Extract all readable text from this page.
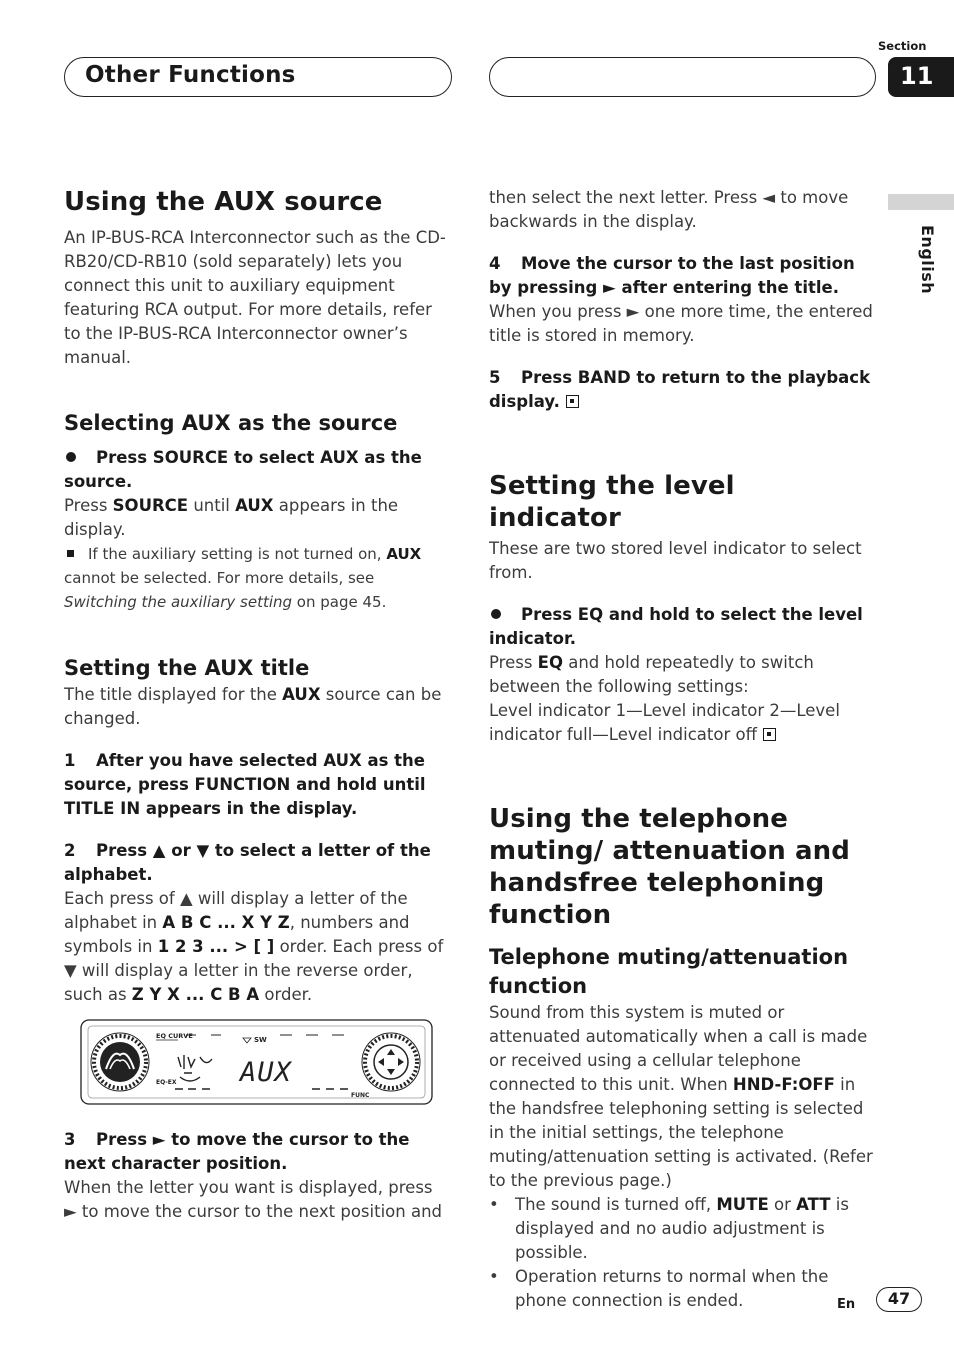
Other Functions
Section
11
English
Using the AUX source

An IP-BUS-RCA Interconnector such as the CD-RB20/CD-RB10 (sold separately) lets you connect this unit to auxiliary equipment featuring RCA output. For more details, refer to the IP-BUS-RCA Interconnector owner’s manual.

Selecting AUX as the source

Press SOURCE to select AUX as the source.

Press SOURCE until AUX appears in the display.

If the auxiliary setting is not turned on, AUX cannot be selected. For more details, see Switching the auxiliary setting on page 45.

Setting the AUX title

The title displayed for the AUX source can be changed.

1 After you have selected AUX as the source, press FUNCTION and hold until TITLE IN appears in the display.

2 Press ▲ or ▼ to select a letter of the alphabet.

Each press of ▲ will display a letter of the alphabet in A B C ... X Y Z, numbers and symbols in 1 2 3 ... > [ ] order. Each press of ▼ will display a letter in the reverse order, such as Z Y X ... C B A order.

EQ CURVE
EQ-EX
SW
FUNC
AUX

3 Press ► to move the cursor to the next character position.

When the letter you want is displayed, press ► to move the cursor to the next position and

then select the next letter. Press ◄ to move backwards in the display.

4 Move the cursor to the last position by pressing ► after entering the title.

When you press ► one more time, the entered title is stored in memory.

5 Press BAND to return to the playback display.

Setting the level indicator

These are two stored level indicator to select from.

Press EQ and hold to select the level indicator.

Press EQ and hold repeatedly to switch between the following settings:

Level indicator 1—Level indicator 2—Level indicator full—Level indicator off

Using the telephone muting/ attenuation and handsfree telephoning function
Telephone muting/attenuation function

Sound from this system is muted or attenuated automatically when a call is made or received using a cellular telephone connected to this unit. When HND-F:OFF in the handsfree telephoning setting is selected in the initial settings, the telephone muting/attenuation setting is activated. (Refer to the previous page.)

• The sound is turned off, MUTE or ATT is displayed and no audio adjustment is possible.
• Operation returns to normal when the phone connection is ended.	En	47
